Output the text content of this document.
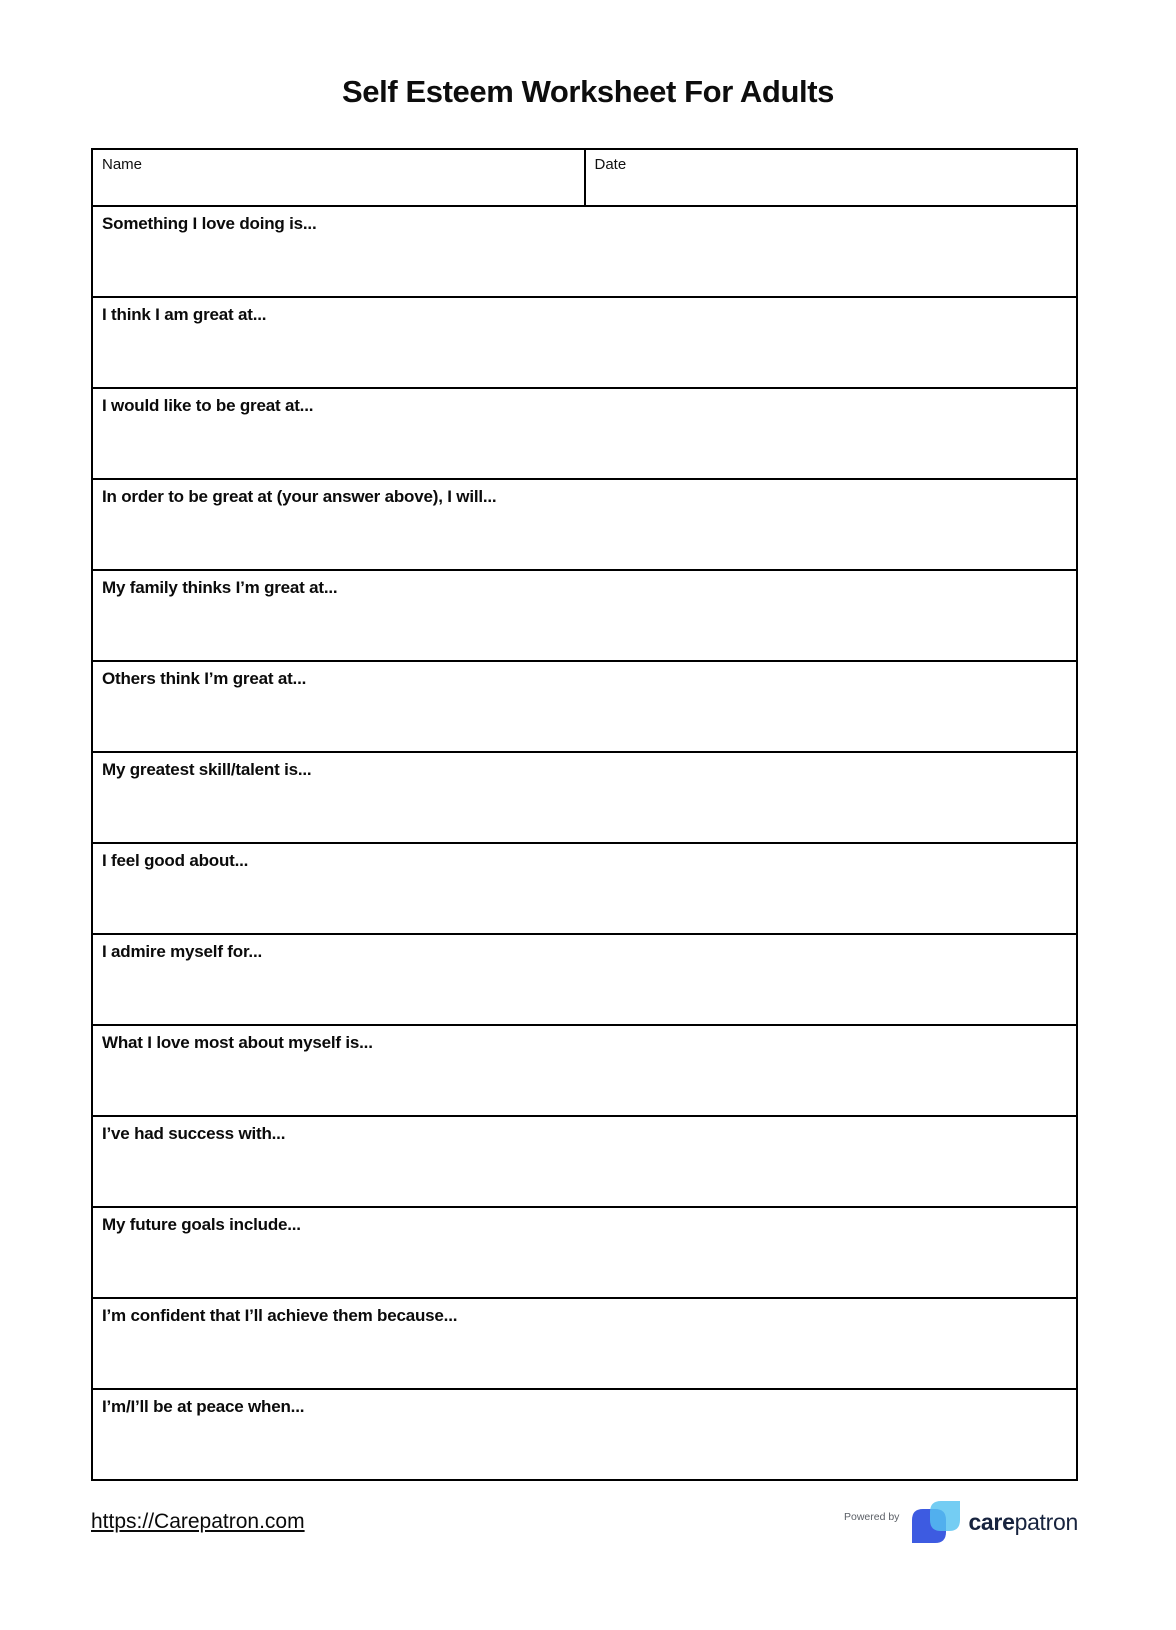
Self Esteem Worksheet For Adults
Name	Date
Something I love doing is...
I think I am great at...
I would like to be great at...
In order to be great at (your answer above), I will...
My family thinks I’m great at...
Others think I’m great at...
My greatest skill/talent is...
I feel good about...
I admire myself for...
What I love most about myself is...
I’ve had success with...
My future goals include...
I’m confident that I’ll achieve them because...
I’m/I’ll be at peace when...
https://Carepatron.com	Powered by	carepatron
